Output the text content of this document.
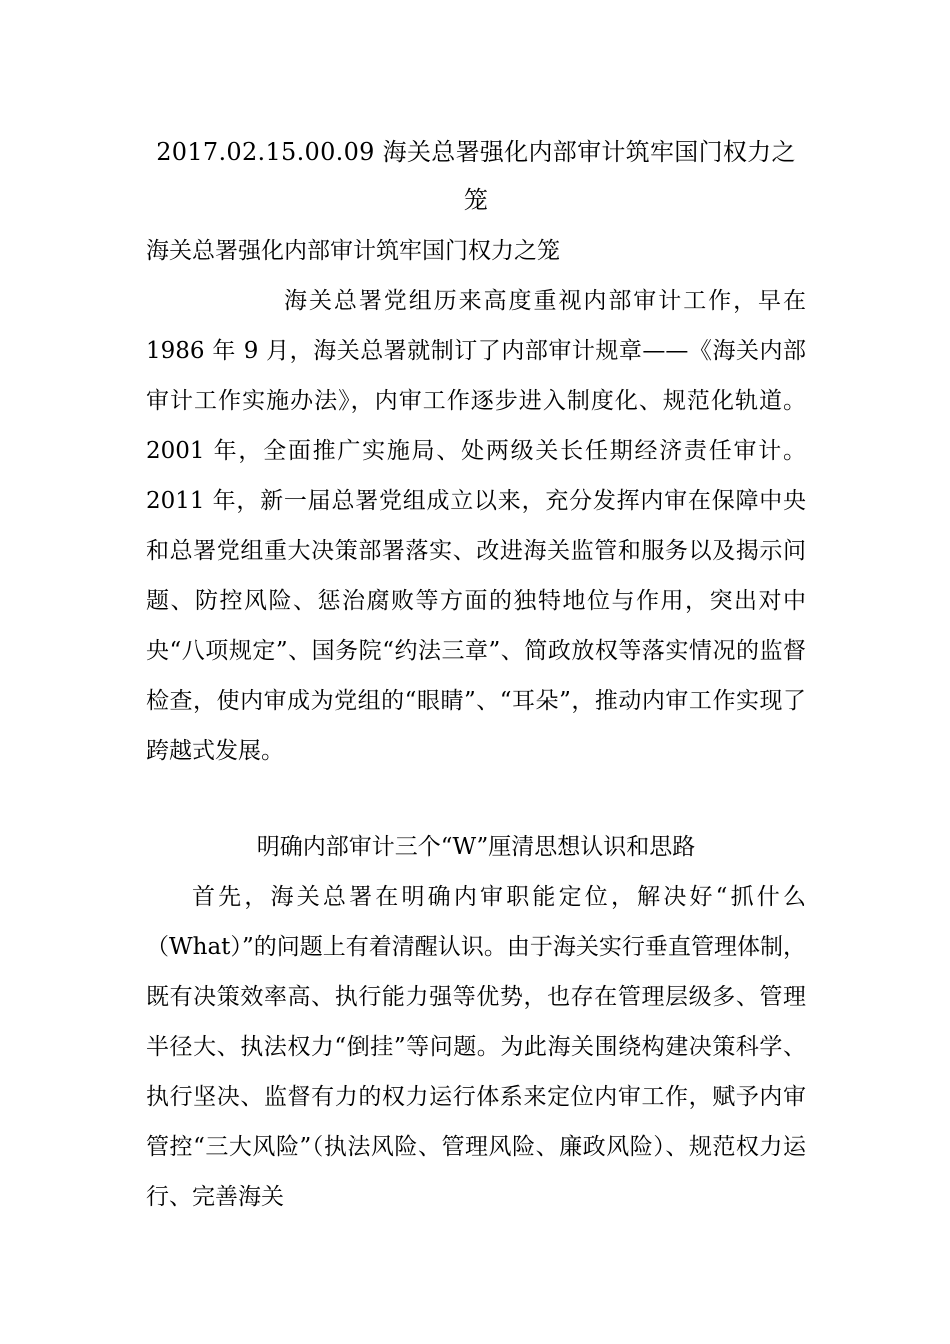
2017.02.15.00.09 海关总署强化内部审计筑牢国门权力之笼
海关总署强化内部审计筑牢国门权力之笼
海关总署党组历来高度重视内部审计工作，早在 1986 年 9 月，海关总署就制订了内部审计规章——《海关内部审计工作实施办法》，内审工作逐步进入制度化、规范化轨道。2001 年，全面推广实施局、处两级关长任期经济责任审计。2011 年，新一届总署党组成立以来，充分发挥内审在保障中央和总署党组重大决策部署落实、改进海关监管和服务以及揭示问题、防控风险、惩治腐败等方面的独特地位与作用，突出对中央“八项规定”、国务院“约法三章”、简政放权等落实情况的监督检查，使内审成为党组的“眼睛”、“耳朵”，推动内审工作实现了跨越式发展。
明确内部审计三个“W”厘清思想认识和思路
首先，海关总署在明确内审职能定位，解决好“抓什么（What）”的问题上有着清醒认识。由于海关实行垂直管理体制，既有决策效率高、执行能力强等优势，也存在管理层级多、管理半径大、执法权力“倒挂”等问题。为此海关围绕构建决策科学、执行坚决、监督有力的权力运行体系来定位内审工作，赋予内审管控“三大风险”（执法风险、管理风险、廉政风险）、规范权力运行、完善海关
